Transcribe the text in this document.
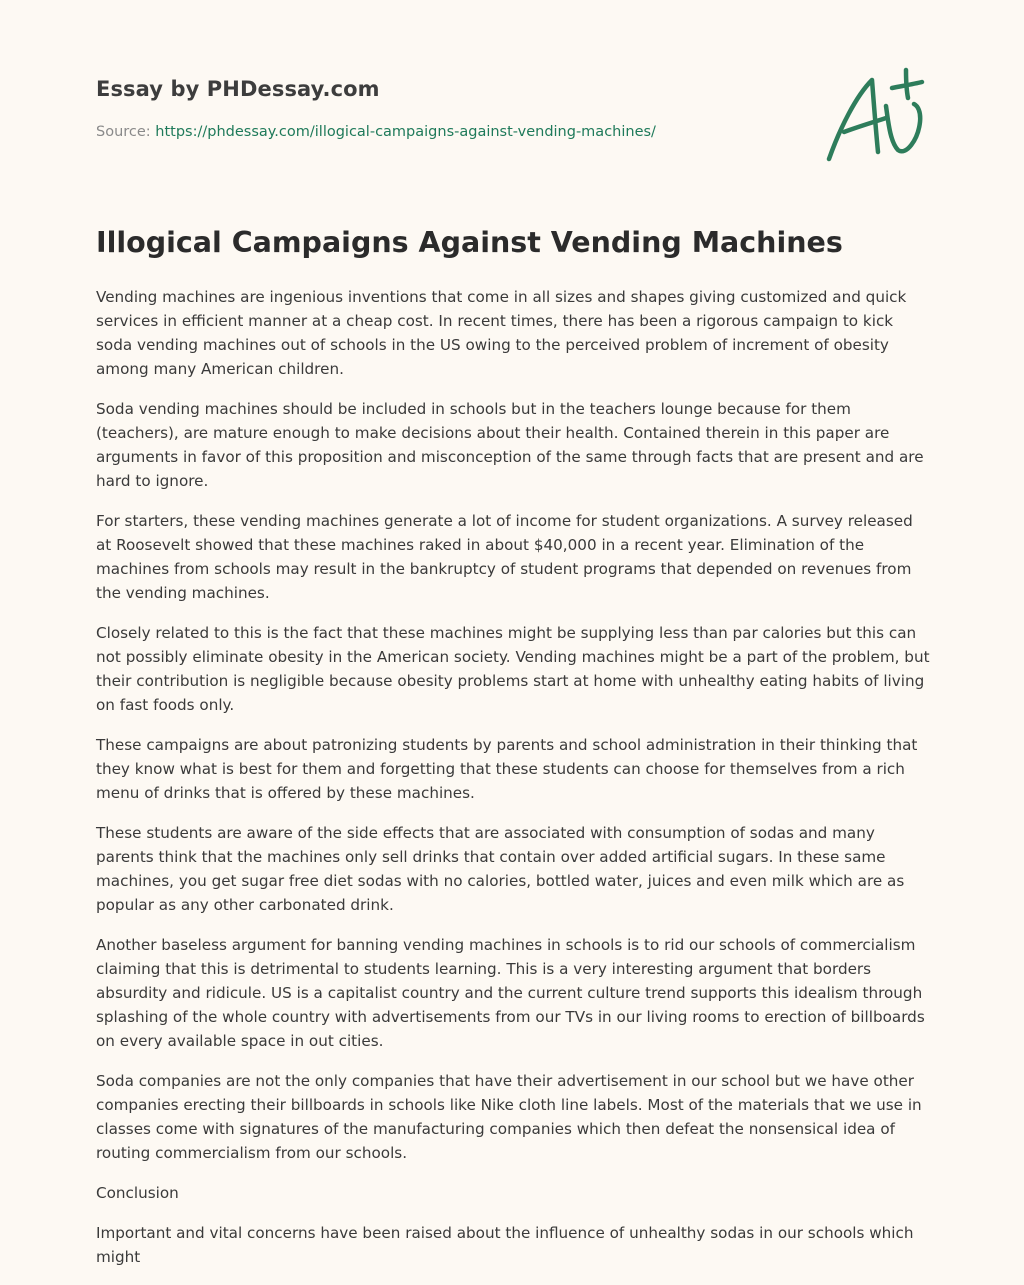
Essay by PHDessay.com
Source: https://phdessay.com/illogical-campaigns-against-vending-machines/
Illogical Campaigns Against Vending Machines

Vending machines are ingenious inventions that come in all sizes and shapes giving customized and quick services in efficient manner at a cheap cost. In recent times, there has been a rigorous campaign to kick soda vending machines out of schools in the US owing to the perceived problem of increment of obesity among many American children.

Soda vending machines should be included in schools but in the teachers lounge because for them (teachers), are mature enough to make decisions about their health. Contained therein in this paper are arguments in favor of this proposition and misconception of the same through facts that are present and are hard to ignore.

For starters, these vending machines generate a lot of income for student organizations. A survey released at Roosevelt showed that these machines raked in about $40,000 in a recent year. Elimination of the machines from schools may result in the bankruptcy of student programs that depended on revenues from the vending machines.

Closely related to this is the fact that these machines might be supplying less than par calories but this can not possibly eliminate obesity in the American society. Vending machines might be a part of the problem, but their contribution is negligible because obesity problems start at home with unhealthy eating habits of living on fast foods only.

These campaigns are about patronizing students by parents and school administration in their thinking that they know what is best for them and forgetting that these students can choose for themselves from a rich menu of drinks that is offered by these machines.

These students are aware of the side effects that are associated with consumption of sodas and many parents think that the machines only sell drinks that contain over added artificial sugars. In these same machines, you get sugar free diet sodas with no calories, bottled water, juices and even milk which are as popular as any other carbonated drink.

Another baseless argument for banning vending machines in schools is to rid our schools of commercialism claiming that this is detrimental to students learning. This is a very interesting argument that borders absurdity and ridicule. US is a capitalist country and the current culture trend supports this idealism through splashing of the whole country with advertisements from our TVs in our living rooms to erection of billboards on every available space in out cities.

Soda companies are not the only companies that have their advertisement in our school but we have other companies erecting their billboards in schools like Nike cloth line labels. Most of the materials that we use in classes come with signatures of the manufacturing companies which then defeat the nonsensical idea of routing commercialism from our schools.

Conclusion

Important and vital concerns have been raised about the influence of unhealthy sodas in our schools which might
